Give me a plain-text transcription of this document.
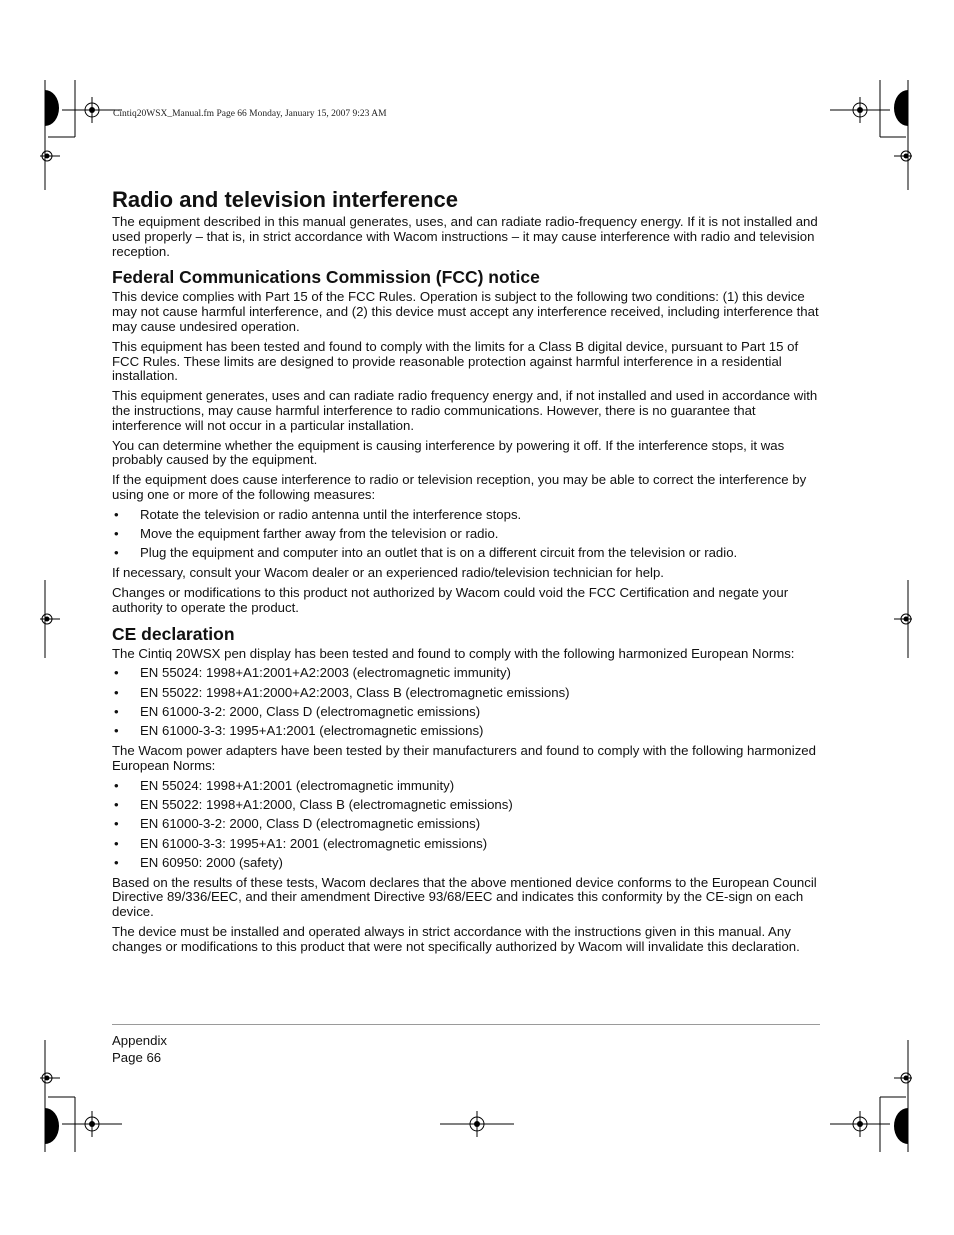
Cintiq20WSX_Manual.fm Page 66 Monday, January 15, 2007 9:23 AM
Radio and television interference

The equipment described in this manual generates, uses, and can radiate radio-frequency energy. If it is not installed and used properly – that is, in strict accordance with Wacom instructions – it may cause interference with radio and television reception.

Federal Communications Commission (FCC) notice

This device complies with Part 15 of the FCC Rules. Operation is subject to the following two conditions: (1) this device may not cause harmful interference, and (2) this device must accept any interference received, including interference that may cause undesired operation.

This equipment has been tested and found to comply with the limits for a Class B digital device, pursuant to Part 15 of FCC Rules. These limits are designed to provide reasonable protection against harmful interference in a residential installation.

This equipment generates, uses and can radiate radio frequency energy and, if not installed and used in accordance with the instructions, may cause harmful interference to radio communications. However, there is no guarantee that interference will not occur in a particular installation.

You can determine whether the equipment is causing interference by powering it off. If the interference stops, it was probably caused by the equipment.

If the equipment does cause interference to radio or television reception, you may be able to correct the interference by using one or more of the following measures:

• Rotate the television or radio antenna until the interference stops.
• Move the equipment farther away from the television or radio.
• Plug the equipment and computer into an outlet that is on a different circuit from the television or radio.

If necessary, consult your Wacom dealer or an experienced radio/television technician for help.

Changes or modifications to this product not authorized by Wacom could void the FCC Certification and negate your authority to operate the product.

CE declaration

The Cintiq 20WSX pen display has been tested and found to comply with the following harmonized European Norms:

• EN 55024: 1998+A1:2001+A2:2003 (electromagnetic immunity)
• EN 55022: 1998+A1:2000+A2:2003, Class B (electromagnetic emissions)
• EN 61000-3-2: 2000, Class D (electromagnetic emissions)
• EN 61000-3-3: 1995+A1:2001 (electromagnetic emissions)

The Wacom power adapters have been tested by their manufacturers and found to comply with the following harmonized European Norms:

• EN 55024: 1998+A1:2001 (electromagnetic immunity)
• EN 55022: 1998+A1:2000, Class B (electromagnetic emissions)
• EN 61000-3-2: 2000, Class D (electromagnetic emissions)
• EN 61000-3-3: 1995+A1: 2001 (electromagnetic emissions)
• EN 60950: 2000 (safety)

Based on the results of these tests, Wacom declares that the above mentioned device conforms to the European Council Directive 89/336/EEC, and their amendment Directive 93/68/EEC and indicates this conformity by the CE-sign on each device.

The device must be installed and operated always in strict accordance with the instructions given in this manual. Any changes or modifications to this product that were not specifically authorized by Wacom will invalidate this declaration.

Appendix
Page 66
